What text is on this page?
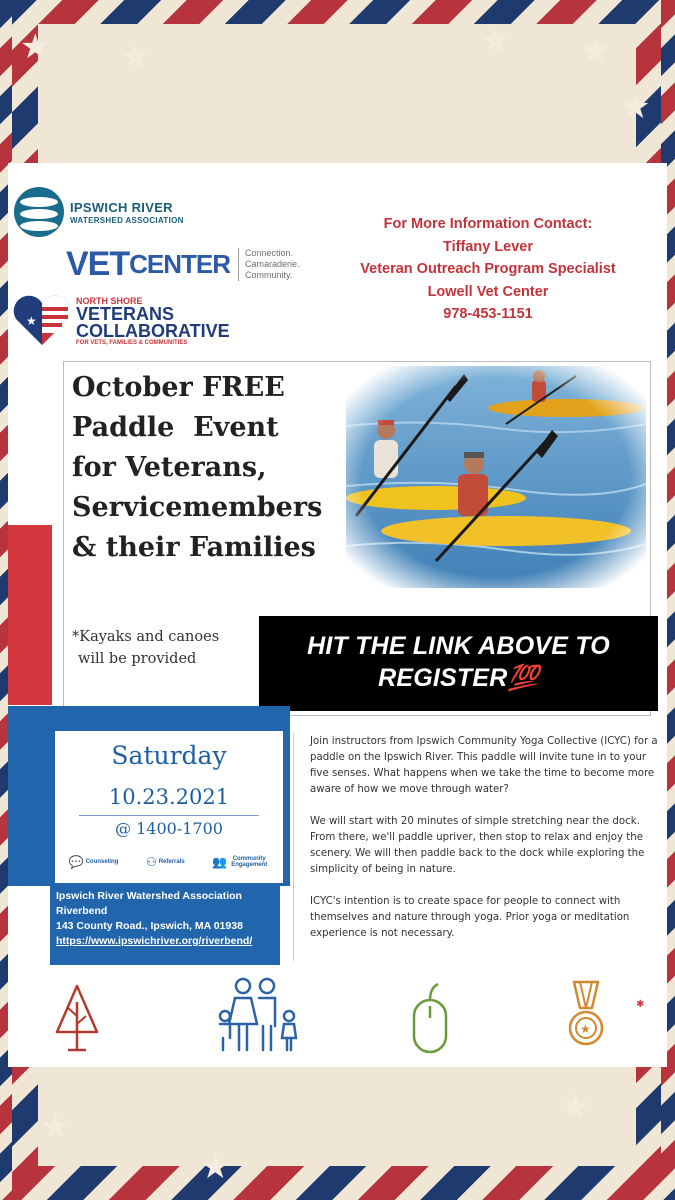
★ ★	★ ★
★
★
★
★
IPSWICH RIVER
WATERSHED ASSOCIATION
VET CENTER Connection.
Camaraderie.
Community.
★
NORTH SHORE
VETERANS
COLLABORATIVE
FOR VETS, FAMILIES & COMMUNITIES
For More Information Contact:
Tiffany Lever
Veteran Outreach Program Specialist
Lowell Vet Center
978-453-1151
October FREE
Paddle  Event
for Veterans,
Servicemembers
& their Families
*Kayaks and canoes
will be provided	HIT THE LINK ABOVE TO
REGISTER💯
Saturday
10.23.2021
@ 1400-1700
💬 Counseling ⚇ Referrals 👥 Community Engagement
Ipswich River Watershed Association
Riverbend
143 County Road., Ipswich, MA 01938
https://www.ipswichriver.org/riverbend/

Join instructors from Ipswich Community Yoga Collective (ICYC) for a paddle on the Ipswich River. This paddle will invite tune in to your five senses. What happens when we take the time to become more aware of how we move through water?

We will start with 20 minutes of simple stretching near the dock. From there, we'll paddle upriver, then stop to relax and enjoy the scenery. We will then paddle back to the dock while exploring the simplicity of being in nature.

ICYC's intention is to create space for people to connect with themselves and nature through yoga. Prior yoga or meditation experience is not necessary.

★
✱
